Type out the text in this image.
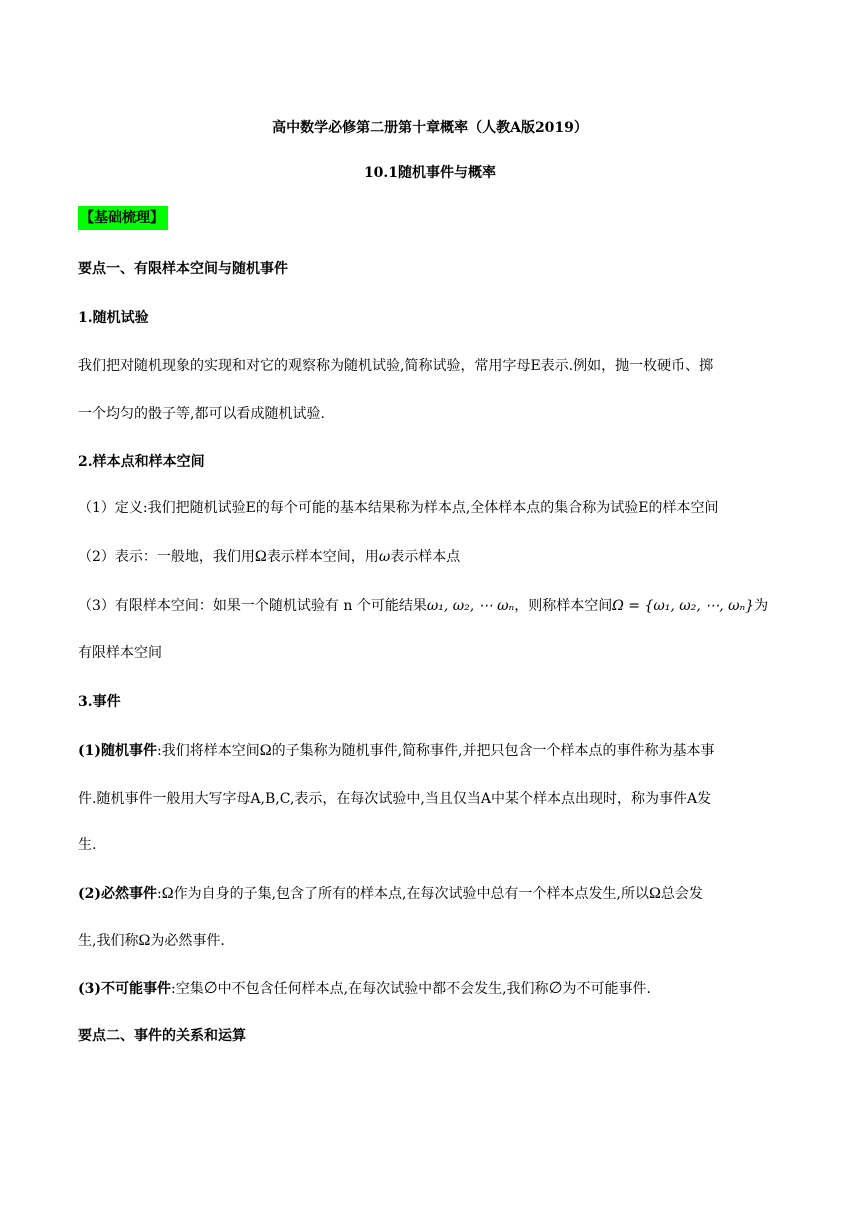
高中数学必修第二册第十章概率（人教A版2019）
10.1随机事件与概率
【基础梳理】
要点一、有限样本空间与随机事件
1.随机试验
我们把对随机现象的实现和对它的观察称为随机试验,简称试验，常用字母E表示.例如，抛一枚硬币、掷
一个均匀的骰子等,都可以看成随机试验.
2.样本点和样本空间
（1）定义:我们把随机试验E的每个可能的基本结果称为样本点,全体样本点的集合称为试验E的样本空间
（2）表示：一般地，我们用Ω表示样本空间，用ω表示样本点
（3）有限样本空间：如果一个随机试验有 n 个可能结果ω₁, ω₂, ⋯ ωₙ，则称样本空间Ω = {ω₁, ω₂, ⋯, ωₙ}为
有限样本空间
3.事件
(1)随机事件:我们将样本空间Ω的子集称为随机事件,简称事件,并把只包含一个样本点的事件称为基本事
件.随机事件一般用大写字母A,B,C,表示，在每次试验中,当且仅当A中某个样本点出现时，称为事件A发
生.
(2)必然事件:Ω作为自身的子集,包含了所有的样本点,在每次试验中总有一个样本点发生,所以Ω总会发
生,我们称Ω为必然事件.
(3)不可能事件:空集∅中不包含任何样本点,在每次试验中都不会发生,我们称∅为不可能事件.
要点二、事件的关系和运算
